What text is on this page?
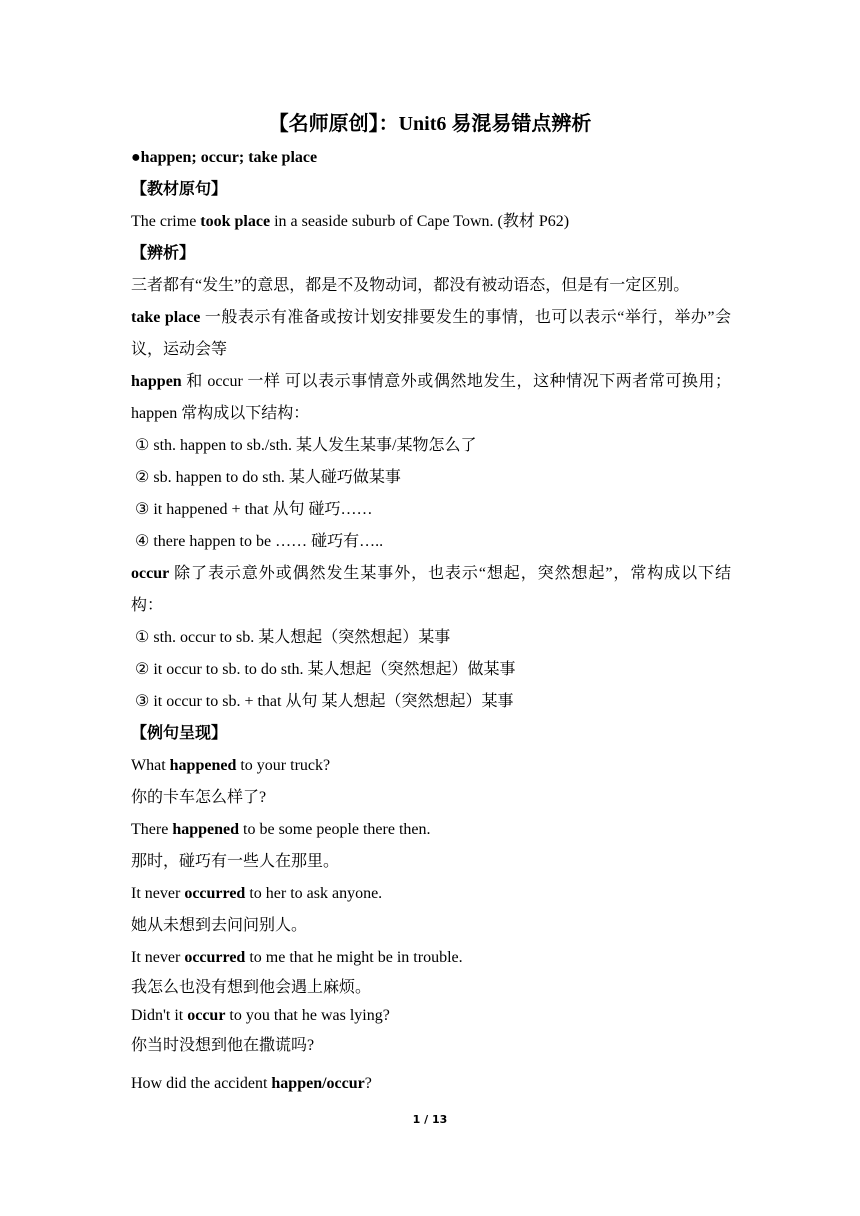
【名师原创】：Unit6 易混易错点辨析
●happen; occur; take place
【教材原句】
The crime took place in a seaside suburb of Cape Town. (教材 P62)
【辨析】
三者都有“发生”的意思，都是不及物动词，都没有被动语态，但是有一定区别。
take place 一般表示有准备或按计划安排要发生的事情，也可以表示“举行，举办”会议，运动会等
happen 和 occur 一样 可以表示事情意外或偶然地发生，这种情况下两者常可换用；happen 常构成以下结构：
① sth. happen to sb./sth. 某人发生某事/某物怎么了
② sb. happen to do sth. 某人碰巧做某事
③ it happened + that 从句 碰巧……
④ there happen to be …… 碰巧有…..
occur 除了表示意外或偶然发生某事外，也表示“想起，突然想起”，常构成以下结构：
① sth. occur to sb. 某人想起（突然想起）某事
② it occur to sb. to do sth. 某人想起（突然想起）做某事
③ it occur to sb. + that 从句 某人想起（突然想起）某事
【例句呈现】
What happened to your truck?
你的卡车怎么样了?
There happened to be some people there then.
那时，碰巧有一些人在那里。
It never occurred to her to ask anyone.
她从未想到去问问别人。
It never occurred to me that he might be in trouble.
我怎么也没有想到他会遇上麻烦。
Didn't it occur to you that he was lying?
你当时没想到他在撒谎吗?
How did the accident happen/occur?
1 / 13
